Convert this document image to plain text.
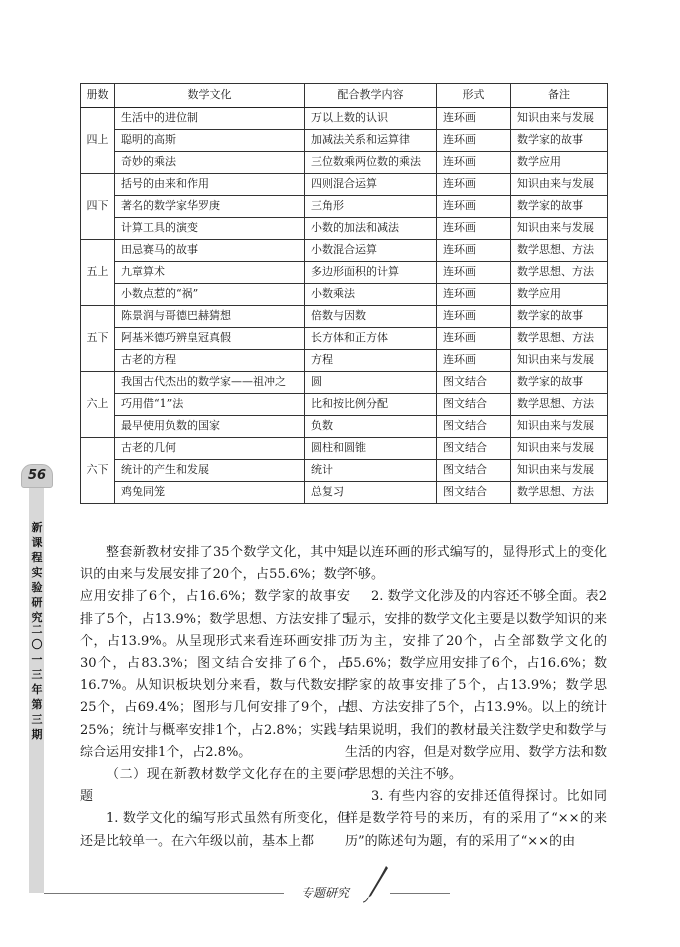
册数	数学文化	配合教学内容	形式	备注
四上	生活中的进位制	万以上数的认识	连环画	知识由来与发展
	聪明的高斯	加减法关系和运算律	连环画	数学家的故事
	奇妙的乘法	三位数乘两位数的乘法	连环画	数学应用
四下	括号的由来和作用	四则混合运算	连环画	知识由来与发展
	著名的数学家华罗庚	三角形	连环画	数学家的故事
	计算工具的演变	小数的加法和减法	连环画	知识由来与发展
五上	田忌赛马的故事	小数混合运算	连环画	数学思想、方法
	九章算术	多边形面积的计算	连环画	数学思想、方法
	小数点惹的“祸”	小数乘法	连环画	数学应用
五下	陈景润与哥德巴赫猜想	倍数与因数	连环画	数学家的故事
	阿基米德巧辨皇冠真假	长方体和正方体	连环画	数学思想、方法
	古老的方程	方程	连环画	知识由来与发展
六上	我国古代杰出的数学家——祖冲之	圆	图文结合	数学家的故事
	巧用借“1”法	比和按比例分配	图文结合	数学思想、方法
	最早使用负数的国家	负数	图文结合	知识由来与发展
六下	古老的几何	圆柱和圆锥	图文结合	知识由来与发展
	统计的产生和发展	统计	图文结合	知识由来与发展
	鸡兔同笼	总复习	图文结合	数学思想、方法
56
新课程实验研究
二〇一三年　第三期

整套新教材安排了35个数学文化，其中知识的由来与发展安排了20个，占55.6%；数学应用安排了6个，占16.6%；数学家的故事安排了5个，占13.9%；数学思想、方法安排了5个，占13.9%。从呈现形式来看连环画安排了30个，占83.3%；图文结合安排了6个，占16.7%。从知识板块划分来看，数与代数安排25个，占69.4%；图形与几何安排了9个，占25%；统计与概率安排1个，占2.8%；实践与综合运用安排1个，占2.8%。

（二）现在新教材数学文化存在的主要问题

1. 数学文化的编写形式虽然有所变化，但还是比较单一。在六年级以前，基本上都

是以连环画的形式编写的，显得形式上的变化不够。

2. 数学文化涉及的内容还不够全面。表2显示，安排的数学文化主要是以数学知识的来历为主，安排了20个，占全部数学文化的55.6%；数学应用安排了6个，占16.6%；数学家的故事安排了5个，占13.9%；数学思想、方法安排了5个，占13.9%。以上的统计结果说明，我们的教材最关注数学史和数学与生活的内容，但是对数学应用、数学方法和数学思想的关注不够。

3. 有些内容的安排还值得探讨。比如同样是数学符号的来历，有的采用了“××的来历”的陈述句为题，有的采用了“××的由

专题研究
